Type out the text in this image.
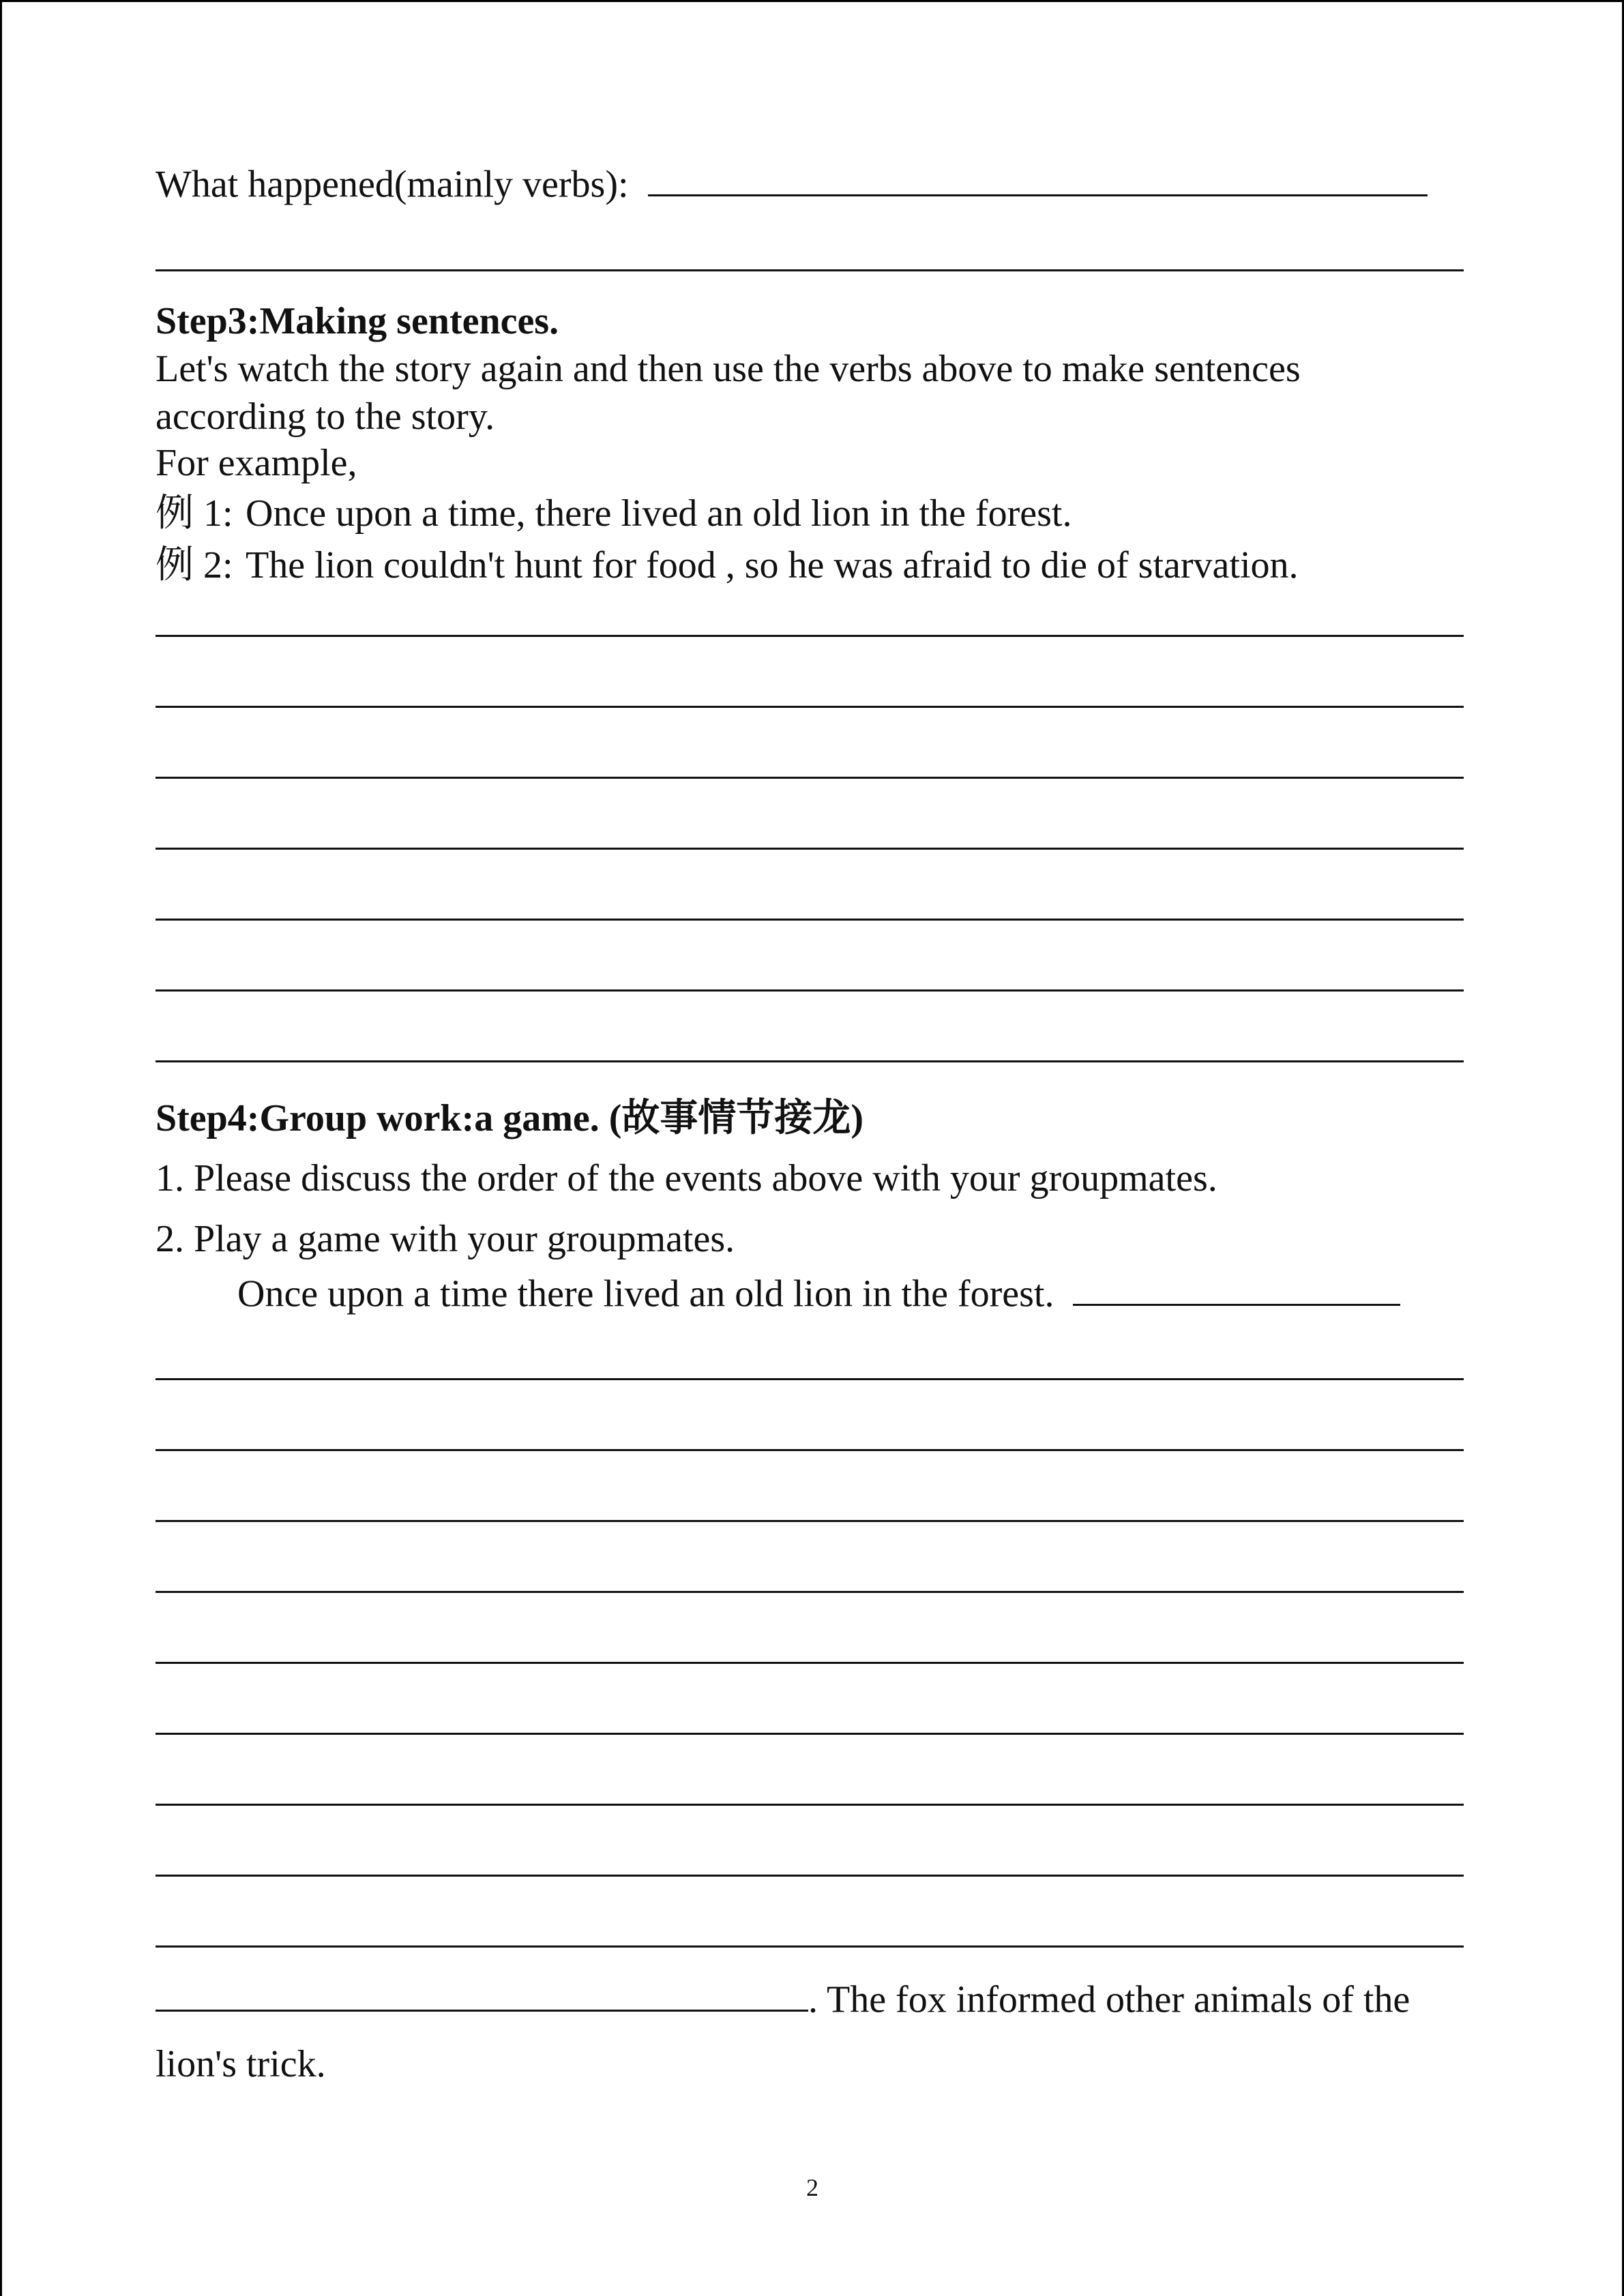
What happened(mainly verbs):
Step3:Making sentences.
Let's watch the story again and then use the verbs above to make sentences
according to the story.
For example,
例 1: Once upon a time, there lived an old lion in the forest.
例 2: The lion couldn't hunt for food , so he was afraid to die of starvation.
Step4:Group work:a game. (故事情节接龙)
1. Please discuss the order of the events above with your groupmates.
2. Play a game with your groupmates.
Once upon a time there lived an old lion in the forest.
. The fox informed other animals of the
lion's trick.
2
